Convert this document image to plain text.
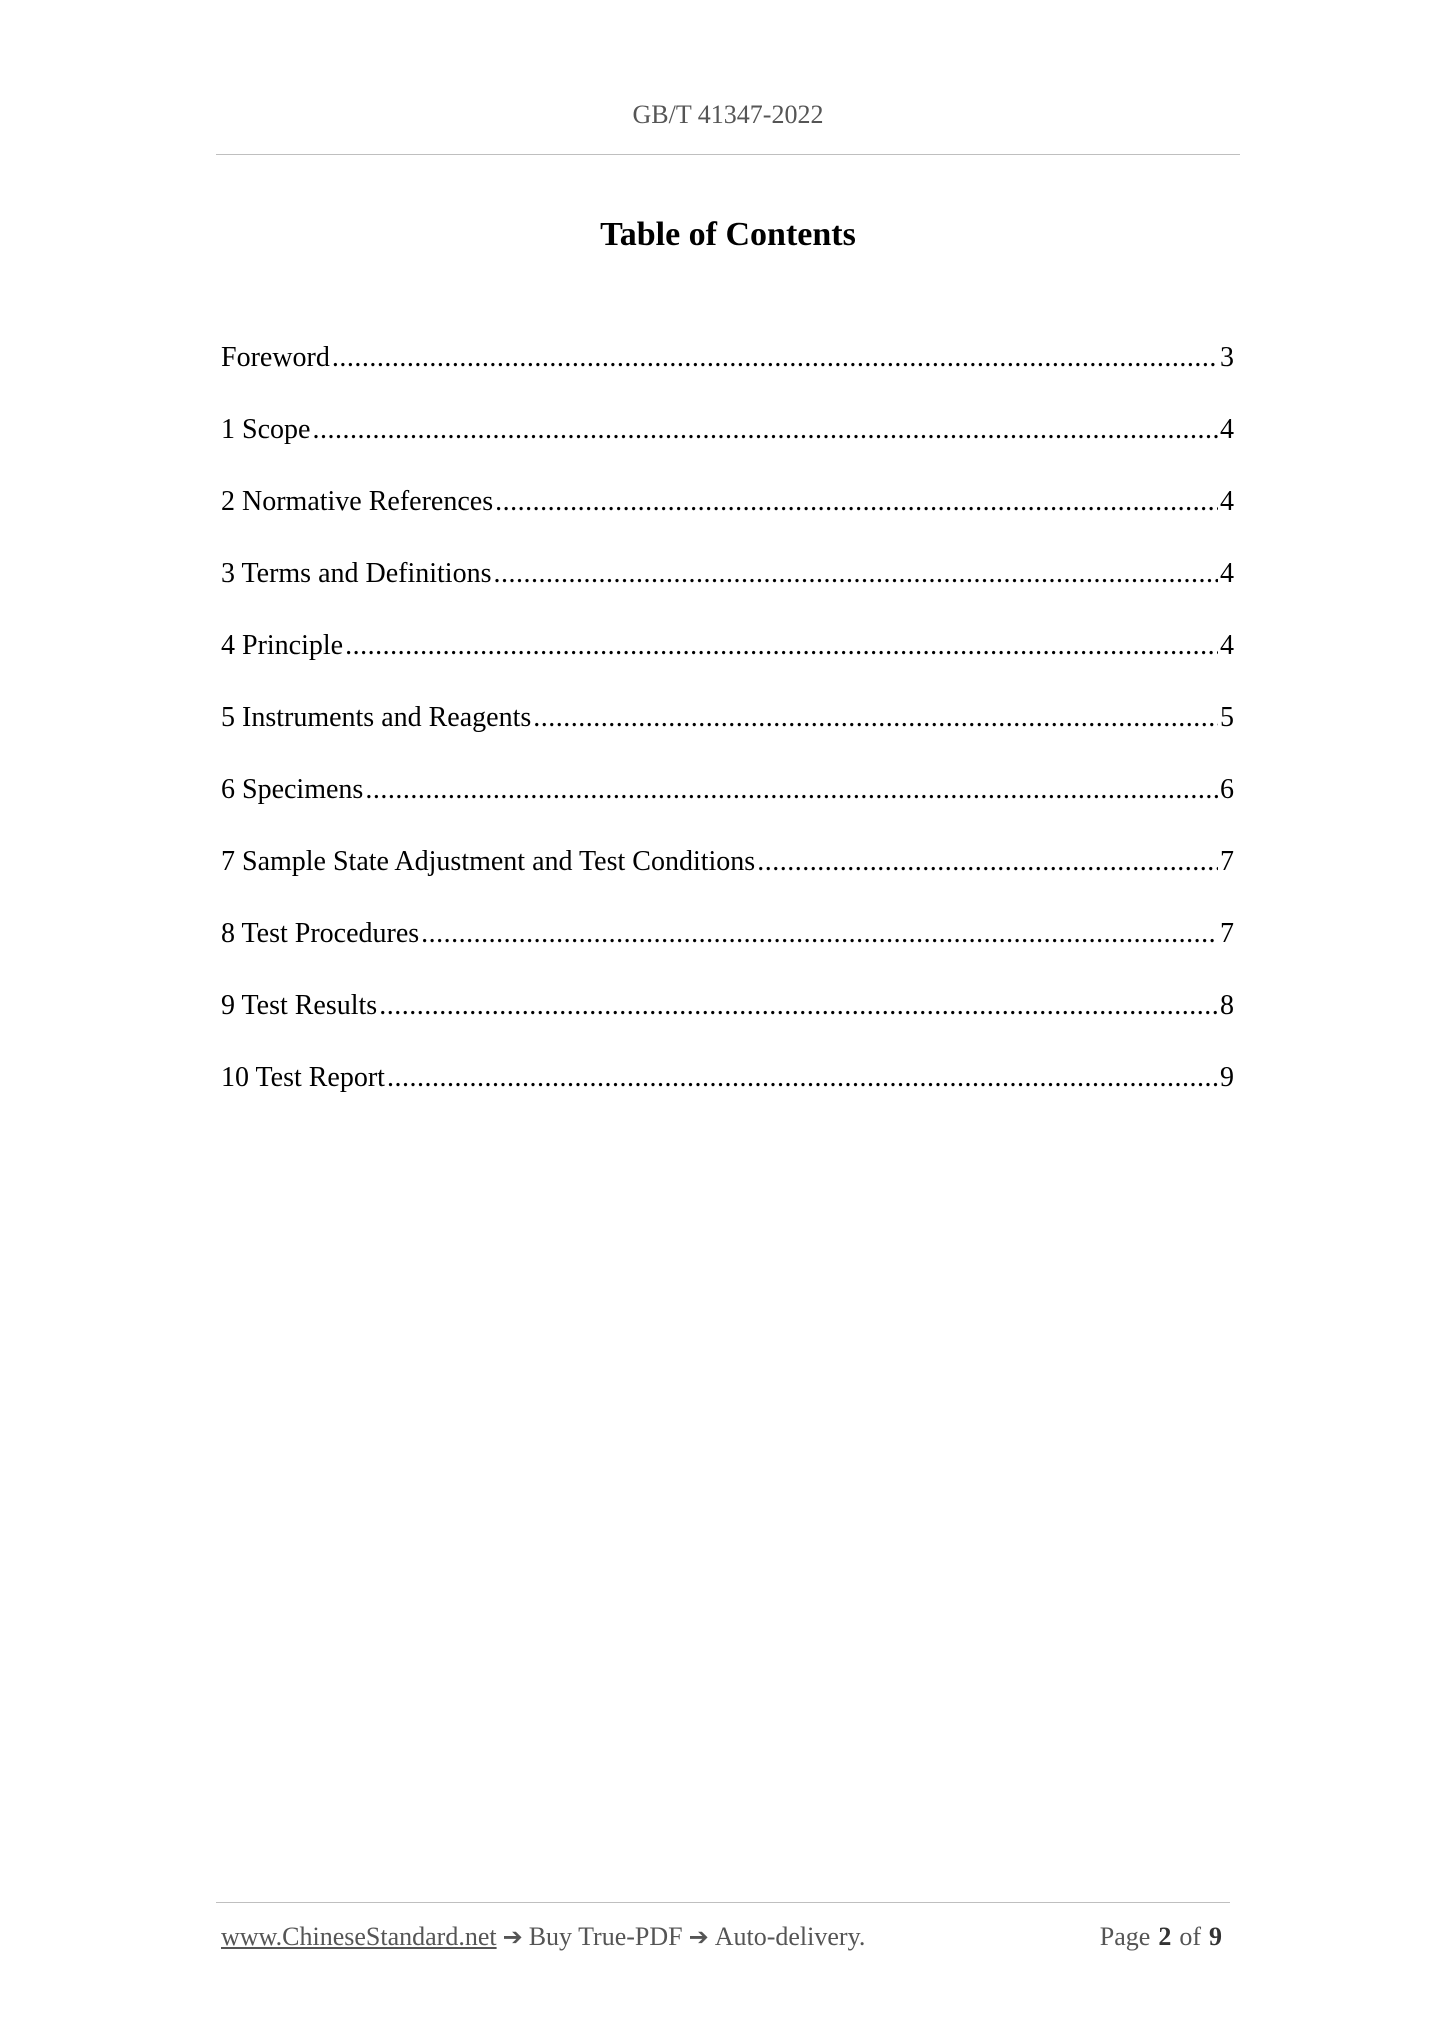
GB/T 41347-2022
Table of Contents
Foreword .....	3
1 Scope .....	4
2 Normative References .....	4
3 Terms and Definitions .....	4
4 Principle .....	4
5 Instruments and Reagents .....	5
6 Specimens .....	6
7 Sample State Adjustment and Test Conditions .....	7
8 Test Procedures .....	7
9 Test Results .....	8
10 Test Report .....	9
www.ChineseStandard.net ➔ Buy True-PDF ➔ Auto-delivery.	Page 2 of 9
